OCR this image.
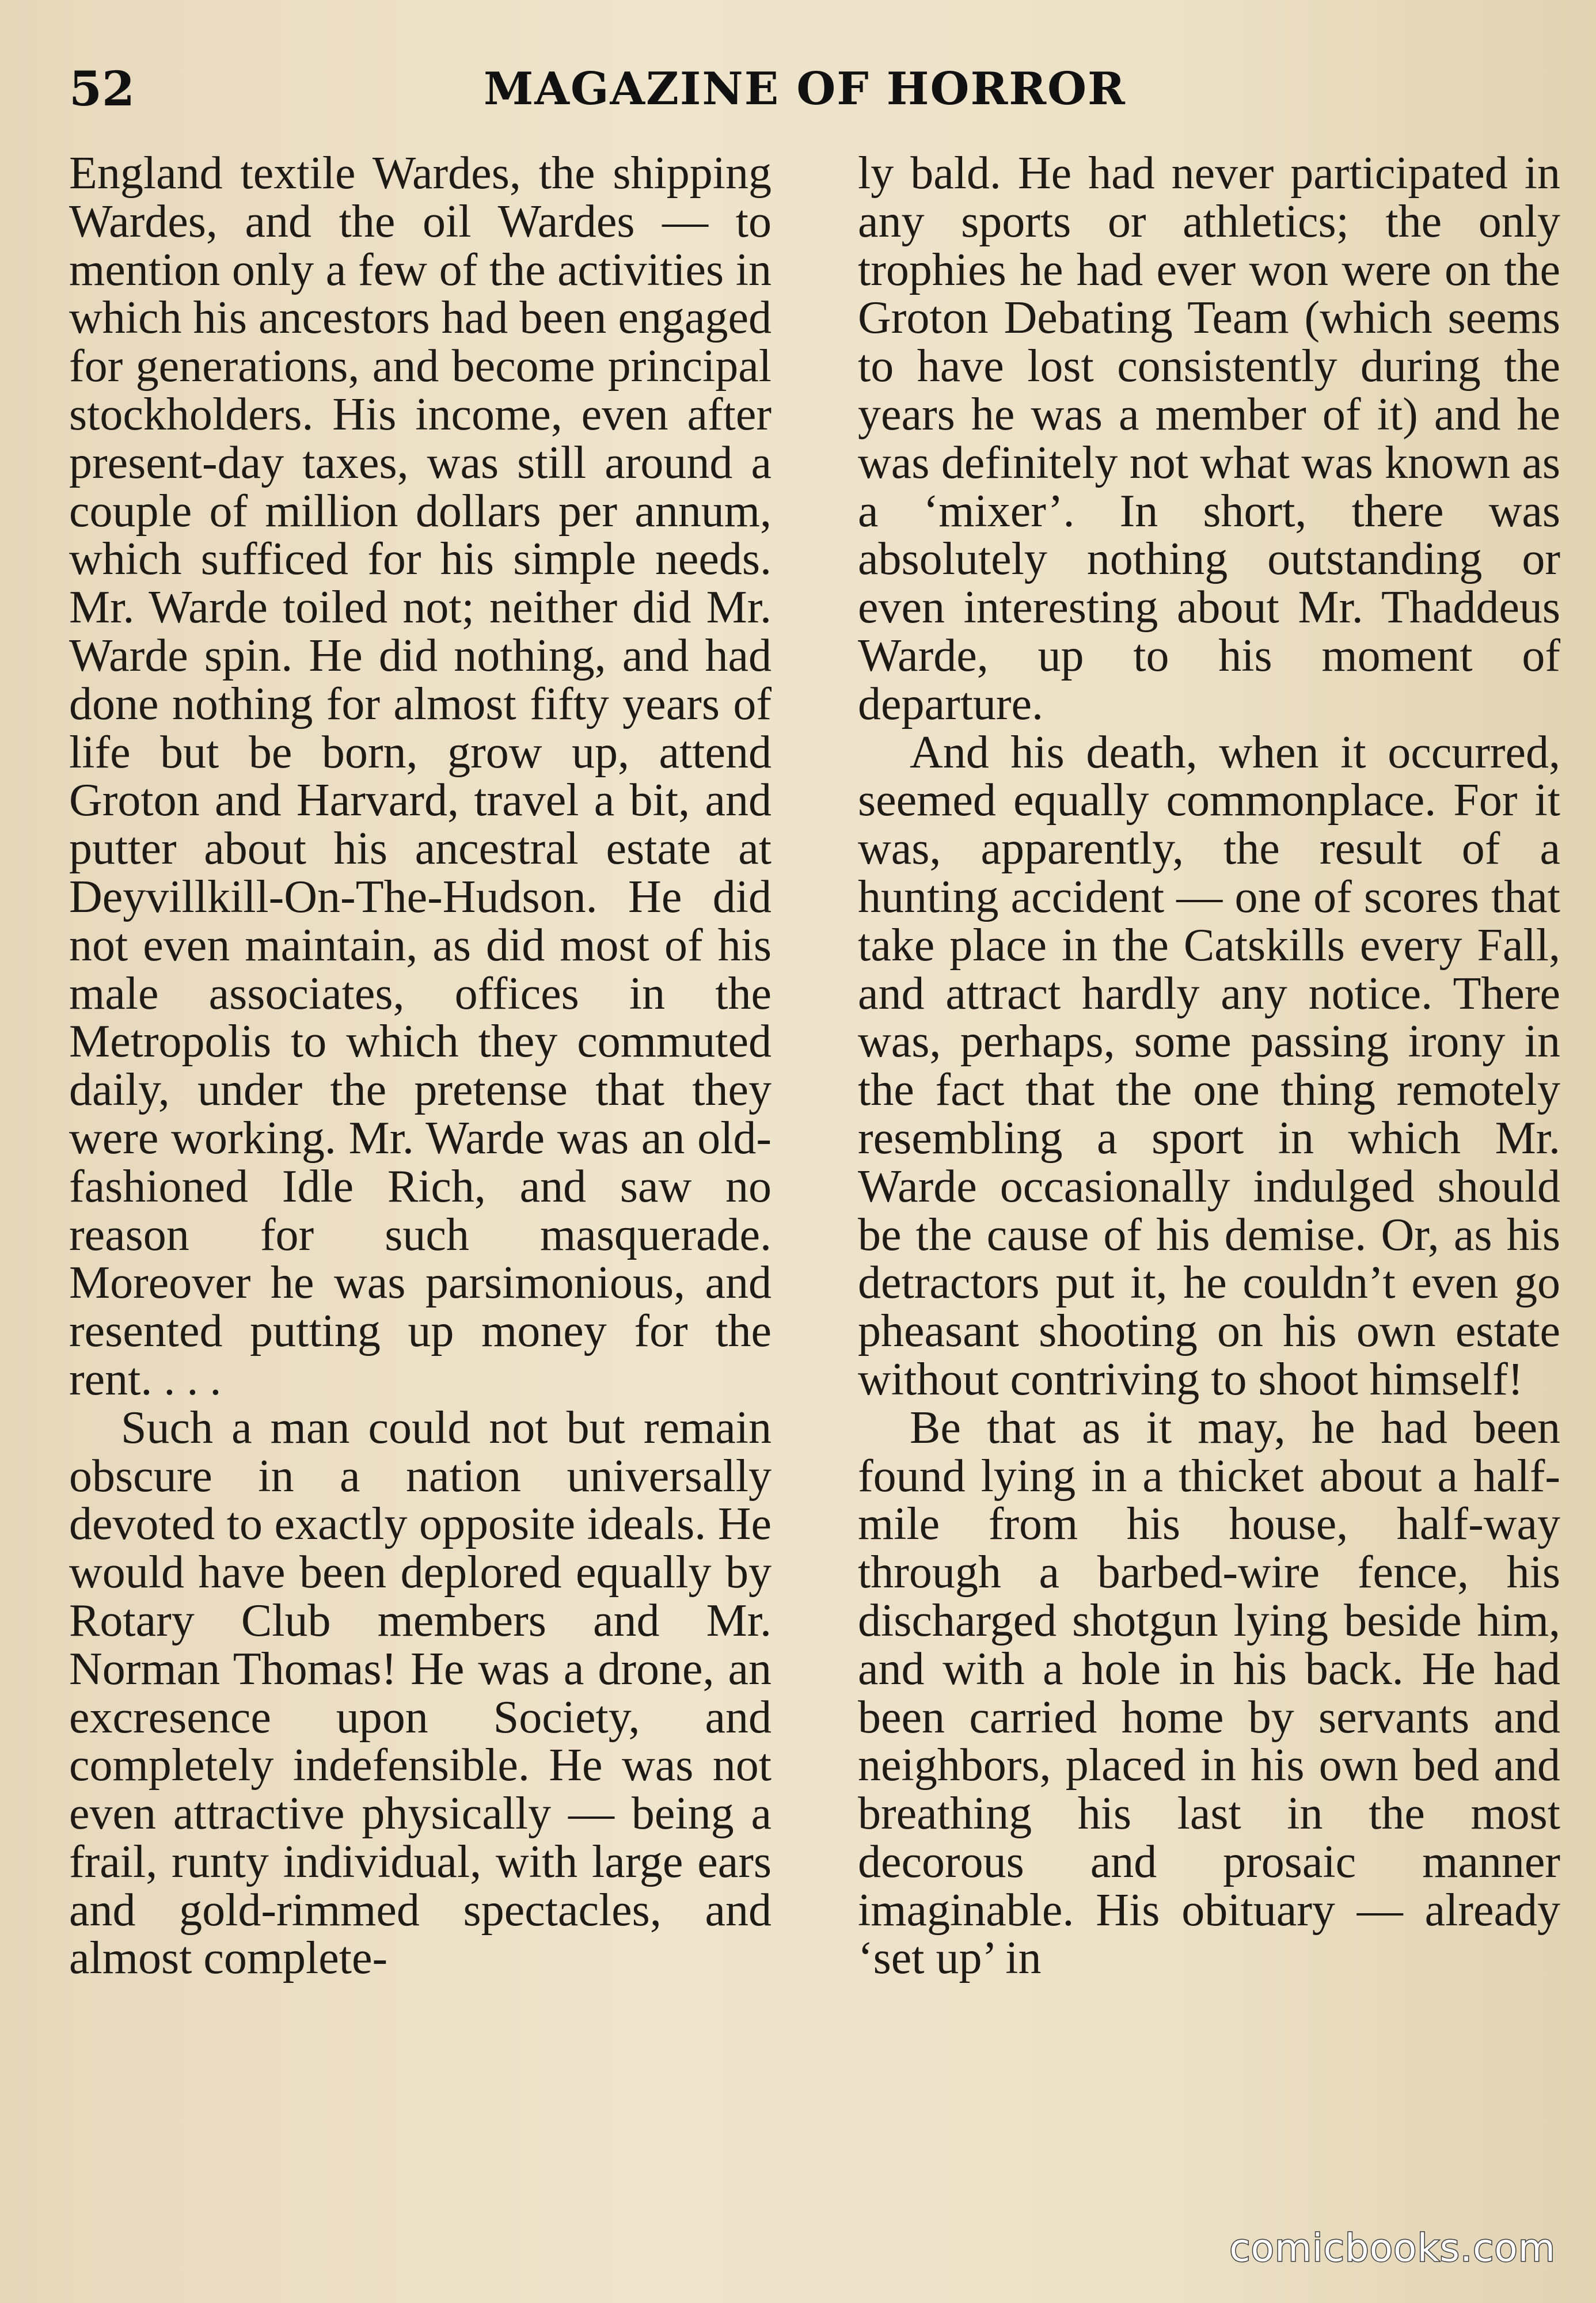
52	MAGAZINE OF HORROR

England textile Wardes, the shipping Wardes, and the oil Wardes — to mention only a few of the activities in which his ancestors had been engaged for generations, and become principal stockholders. His income, even after present-day taxes, was still around a couple of million dollars per annum, which sufficed for his simple needs. Mr. Warde toiled not; neither did Mr. Warde spin. He did nothing, and had done nothing for almost fifty years of life but be born, grow up, attend Groton and Harvard, travel a bit, and putter about his ancestral estate at Deyvillkill-On-The-Hudson. He did not even maintain, as did most of his male associates, offices in the Metropolis to which they commuted daily, under the pretense that they were working. Mr. Warde was an old-fashioned Idle Rich, and saw no reason for such masquerade. Moreover he was parsimonious, and resented putting up money for the rent. . . .

Such a man could not but remain obscure in a nation universally devoted to exactly opposite ideals. He would have been deplored equally by Rotary Club members and Mr. Norman Thomas! He was a drone, an excresence upon Society, and completely indefensible. He was not even attractive physically — being a frail, runty individual, with large ears and gold-rimmed spectacles, and almost complete-

ly bald. He had never participated in any sports or athletics; the only trophies he had ever won were on the Groton Debating Team (which seems to have lost consistently during the years he was a member of it) and he was definitely not what was known as a ‘mixer’. In short, there was absolutely nothing outstanding or even interesting about Mr. Thaddeus Warde, up to his moment of departure.

And his death, when it occurred, seemed equally commonplace. For it was, apparently, the result of a hunting accident — one of scores that take place in the Catskills every Fall, and attract hardly any notice. There was, perhaps, some passing irony in the fact that the one thing remotely resembling a sport in which Mr. Warde occasionally indulged should be the cause of his demise. Or, as his detractors put it, he couldn’t even go pheasant shooting on his own estate without contriving to shoot himself!

Be that as it may, he had been found lying in a thicket about a half-mile from his house, half-way through a barbed-wire fence, his discharged shotgun lying beside him, and with a hole in his back. He had been carried home by servants and neighbors, placed in his own bed and breathing his last in the most decorous and prosaic manner imaginable. His obituary — already ‘set up’ in

comicbooks.com
